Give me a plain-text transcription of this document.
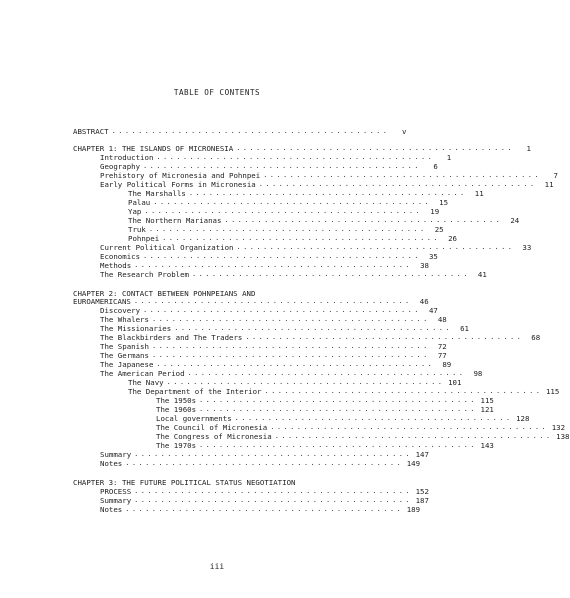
TABLE OF CONTENTS
ABSTRACT ..........................................	v
CHAPTER 1: THE ISLANDS OF MICRONESIA ..........................................	1
Introduction ..........................................	1
Geography ..........................................	6
Prehistory of Micronesia and Pohnpei ..........................................	7
Early Political Forms in Micronesia ..........................................	11
The Marshalls ..........................................	11
Palau ..........................................	15
Yap ..........................................	19
The Northern Marianas ..........................................	24
Truk ..........................................	25
Pohnpei ..........................................	26
Current Political Organization ..........................................	33
Economics ..........................................	35
Methods ..........................................	38
The Research Problem ..........................................	41
CHAPTER 2: CONTACT BETWEEN POHNPEIANS AND
EUROAMERICANS ..........................................	46
Discovery ..........................................	47
The Whalers ..........................................	48
The Missionaries ..........................................	61
The Blackbirders and The Traders ..........................................	68
The Spanish ..........................................	72
The Germans ..........................................	77
The Japanese ..........................................	89
The American Period ..........................................	98
The Navy .......................................... 101
The Department of the Interior .......................................... 115
The 1950s .......................................... 115
The 1960s .......................................... 121
Local governments .......................................... 128
The Council of Micronesia .......................................... 132
The Congress of Micronesia .......................................... 138
The 1970s .......................................... 143
Summary .......................................... 147
Notes .......................................... 149
CHAPTER 3: THE FUTURE POLITICAL STATUS NEGOTIATION
PROCESS .......................................... 152
Summary .......................................... 187
Notes .......................................... 189
iii
